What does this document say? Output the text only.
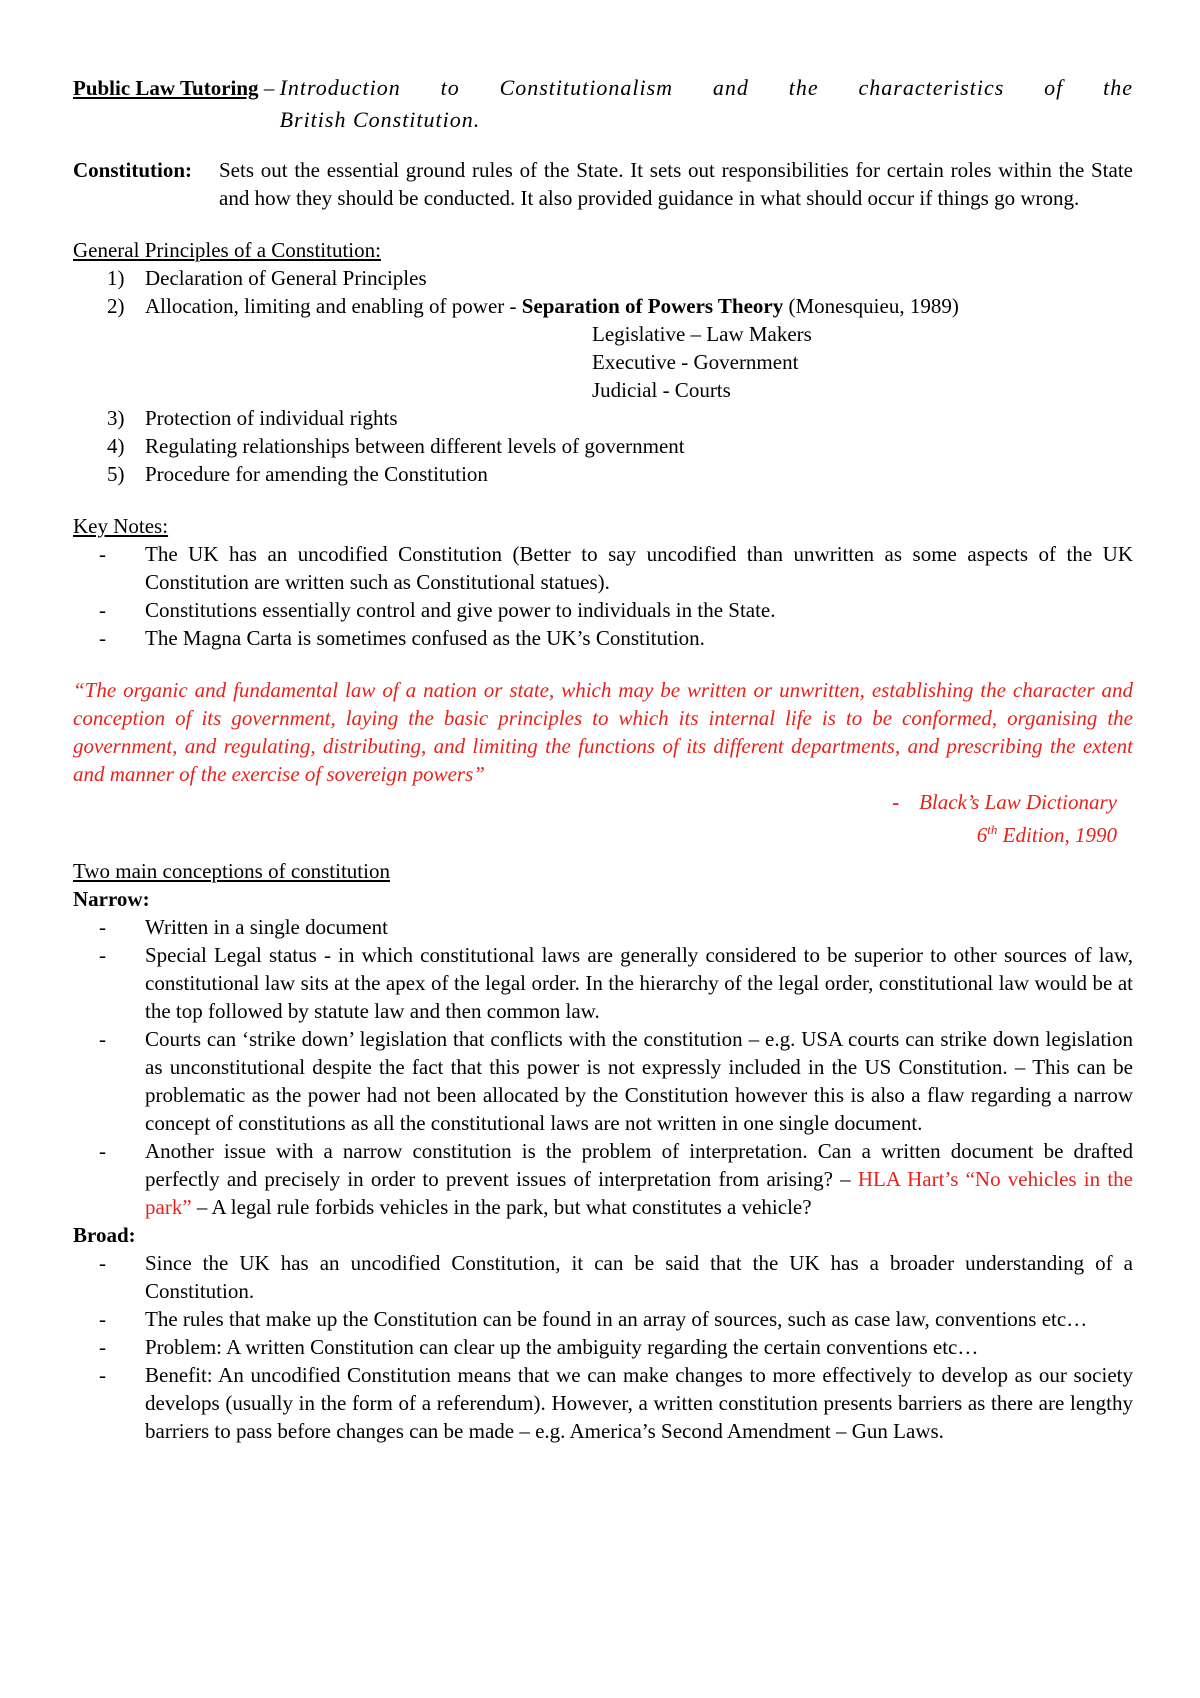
Public Law Tutoring – Introduction to Constitutionalism and the characteristics of the
British Constitution.
Constitution:	Sets out the essential ground rules of the State. It sets out responsibilities for certain roles within the State and how they should be conducted. It also provided guidance in what should occur if things go wrong.
General Principles of a Constitution:
1) Declaration of General Principles
2) Allocation, limiting and enabling of power - Separation of Powers Theory (Monesquieu, 1989)
Legislative – Law Makers
Executive - Government
Judicial - Courts
3) Protection of individual rights
4) Regulating relationships between different levels of government
5) Procedure for amending the Constitution
Key Notes:
- The UK has an uncodified Constitution (Better to say uncodified than unwritten as some aspects of the UK Constitution are written such as Constitutional statues).
- Constitutions essentially control and give power to individuals in the State.
- The Magna Carta is sometimes confused as the UK’s Constitution.
“The organic and fundamental law of a nation or state, which may be written or unwritten, establishing the character and conception of its government, laying the basic principles to which its internal life is to be conformed, organising the government, and regulating, distributing, and limiting the functions of its different departments, and prescribing the extent and manner of the exercise of sovereign powers”
- Black’s Law Dictionary
6th Edition, 1990
Two main conceptions of constitution
Narrow:
- Written in a single document
- Special Legal status - in which constitutional laws are generally considered to be superior to other sources of law, constitutional law sits at the apex of the legal order. In the hierarchy of the legal order, constitutional law would be at the top followed by statute law and then common law.
- Courts can ‘strike down’ legislation that conflicts with the constitution – e.g. USA courts can strike down legislation as unconstitutional despite the fact that this power is not expressly included in the US Constitution. – This can be problematic as the power had not been allocated by the Constitution however this is also a flaw regarding a narrow concept of constitutions as all the constitutional laws are not written in one single document.
- Another issue with a narrow constitution is the problem of interpretation. Can a written document be drafted perfectly and precisely in order to prevent issues of interpretation from arising? – HLA Hart’s “No vehicles in the park” – A legal rule forbids vehicles in the park, but what constitutes a vehicle?
Broad:
- Since the UK has an uncodified Constitution, it can be said that the UK has a broader understanding of a Constitution.
- The rules that make up the Constitution can be found in an array of sources, such as case law, conventions etc…
- Problem: A written Constitution can clear up the ambiguity regarding the certain conventions etc…
- Benefit: An uncodified Constitution means that we can make changes to more effectively to develop as our society develops (usually in the form of a referendum). However, a written constitution presents barriers as there are lengthy barriers to pass before changes can be made – e.g. America’s Second Amendment – Gun Laws.
